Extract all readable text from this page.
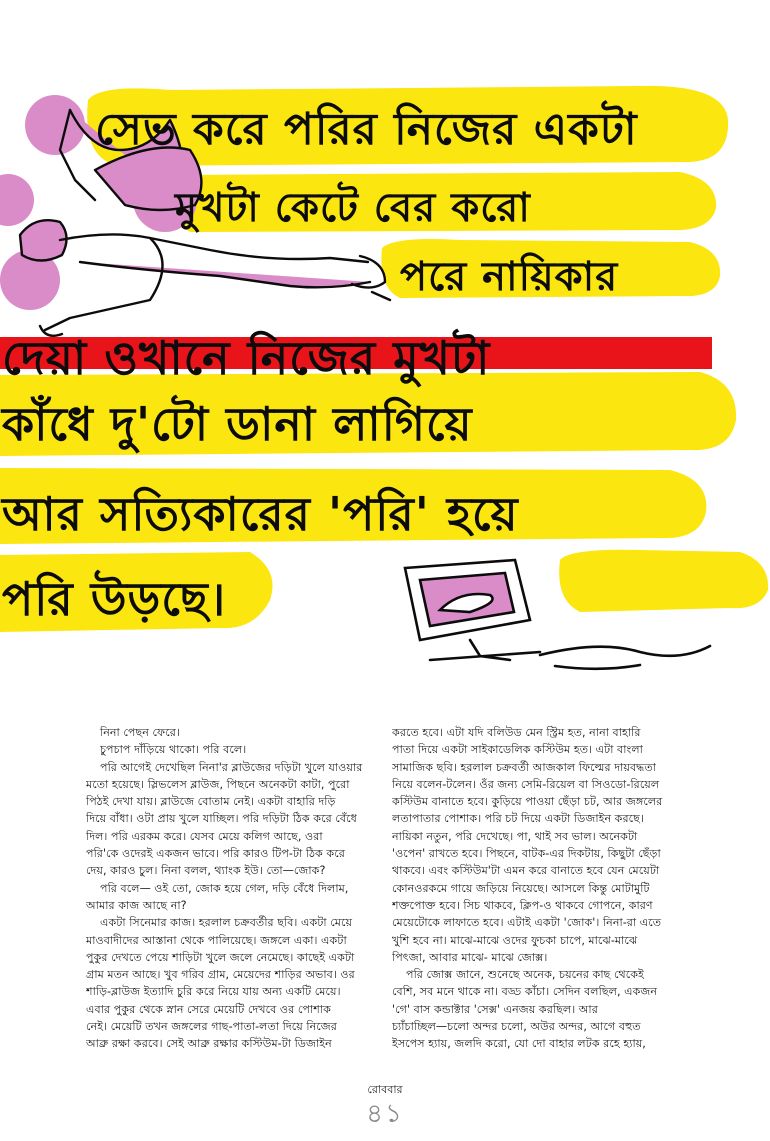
সেভ করে পরির নিজের একটা
মুখটা কেটে বের করো
পরে নায়িকার
দেয়া ওখানে নিজের মুখটা
কাঁধে দু'টো ডানা লাগিয়ে
আর সত্যিকারের 'পরি' হয়ে
পরি উড়ছে।
নিনা পেছন ফেরে।
চুপচাপ দাঁড়িয়ে থাকো। পরি বলে।
পরি আগেই দেখেছিল নিনা'র ব্লাউজের দড়িটা খুলে যাওয়ার
মতো হয়েছে। স্লিভলেস ব্লাউজ, পিছনে অনেকটা কাটা, পুরো
পিঠই দেখা যায়। ব্লাউজে বোতাম নেই। একটা বাহারি দড়ি
দিয়ে বাঁধা। ওটা প্রায় খুলে যাচ্ছিল। পরি দড়িটা ঠিক করে বেঁধে
দিল। পরি এরকম করে। যেসব মেয়ে কলিগ আছে, ওরা
পরি'কে ওদেরই একজন ভাবে। পরি কারও টিপ-টা ঠিক করে
দেয়, কারও চুল। নিনা বলল, থ্যাংক ইউ। তো—জোক?
পরি বলে— ওই তো, জোক হয়ে গেল, দড়ি বেঁধে দিলাম,
আমার কাজ আছে না?
একটা সিনেমার কাজ। হরলাল চক্রবর্তীর ছবি। একটা মেয়ে
মাওবাদীদের আস্তানা থেকে পালিয়েছে। জঙ্গলে একা। একটা
পুকুর দেখতে পেয়ে শাড়িটা খুলে জলে নেমেছে। কাছেই একটা
গ্রাম মতন আছে। খুব গরিব গ্রাম, মেয়েদের শাড়ির অভাব। ওর
শাড়ি-ব্লাউজ ইত্যাদি চুরি করে নিয়ে যায় অন্য একটি মেয়ে।
এবার পুকুর থেকে স্নান সেরে মেয়েটি দেখবে ওর পোশাক
নেই। মেয়েটি তখন জঙ্গলের গাছ-পাতা-লতা দিয়ে নিজের
আব্রু রক্ষা করবে। সেই আব্রু রক্ষার কস্টিউম-টা ডিজাইন
করতে হবে। এটা যদি বলিউড মেন স্ট্রিম হত, নানা বাহারি
পাতা দিয়ে একটা সাইকাডেলিক কস্টিউম হত। এটা বাংলা
সামাজিক ছবি। হরলাল চক্রবর্তী আজকাল ফিল্মের দায়বদ্ধতা
নিয়ে বলেন-টলেন। ওঁর জন্য সেমি-রিয়েল বা সিওডো-রিয়েল
কস্টিউম বানাতে হবে। কুড়িয়ে পাওয়া ছেঁড়া চট, আর জঙ্গলের
লতাপাতার পোশাক। পরি চট দিয়ে একটা ডিজাইন করছে।
নায়িকা নতুন, পরি দেখেছে। পা, থাই সব ভাল। অনেকটা
'ওপেন' রাখতে হবে। পিছনে, বাটক-এর দিকটায়, কিছুটা ছেঁড়া
থাকবে। এবং কস্টিউম'টা এমন করে বানাতে হবে যেন মেয়েটা
কোনওরকমে গায়ে জড়িয়ে নিয়েছে। আসলে কিন্তু মোটামুটি
শক্তপোক্ত হবে। সিচ থাকবে, ক্লিপ-ও থাকবে গোপনে, কারণ
মেয়েটোকে লাফাতে হবে। এটাই একটা 'জোক'। নিনা-রা এতে
খুশি হবে না। মাঝে-মাঝে ওদের ফুচকা চাপে, মাঝে-মাঝে
পিৎজা, আবার মাঝে- মাঝে জোক্স।
পরি জোক্স জানে, শুনেছে অনেক, চয়নের কাছ থেকেই
বেশি, সব মনে থাকে না। বড্ড কাঁচা। সেদিন বলছিল, একজন
'গে' বাস কন্ডাক্টার 'সেক্স' এনজয় করছিল। আর
চ্যাঁচাচ্ছিল—চলো অন্দর চলো, অউর অন্দর, আগে বহুত
ইসপেস হ্যায়, জলদি করো, যো দো বাহার লটক রহে হ্যায়,
রোববার
৪১
